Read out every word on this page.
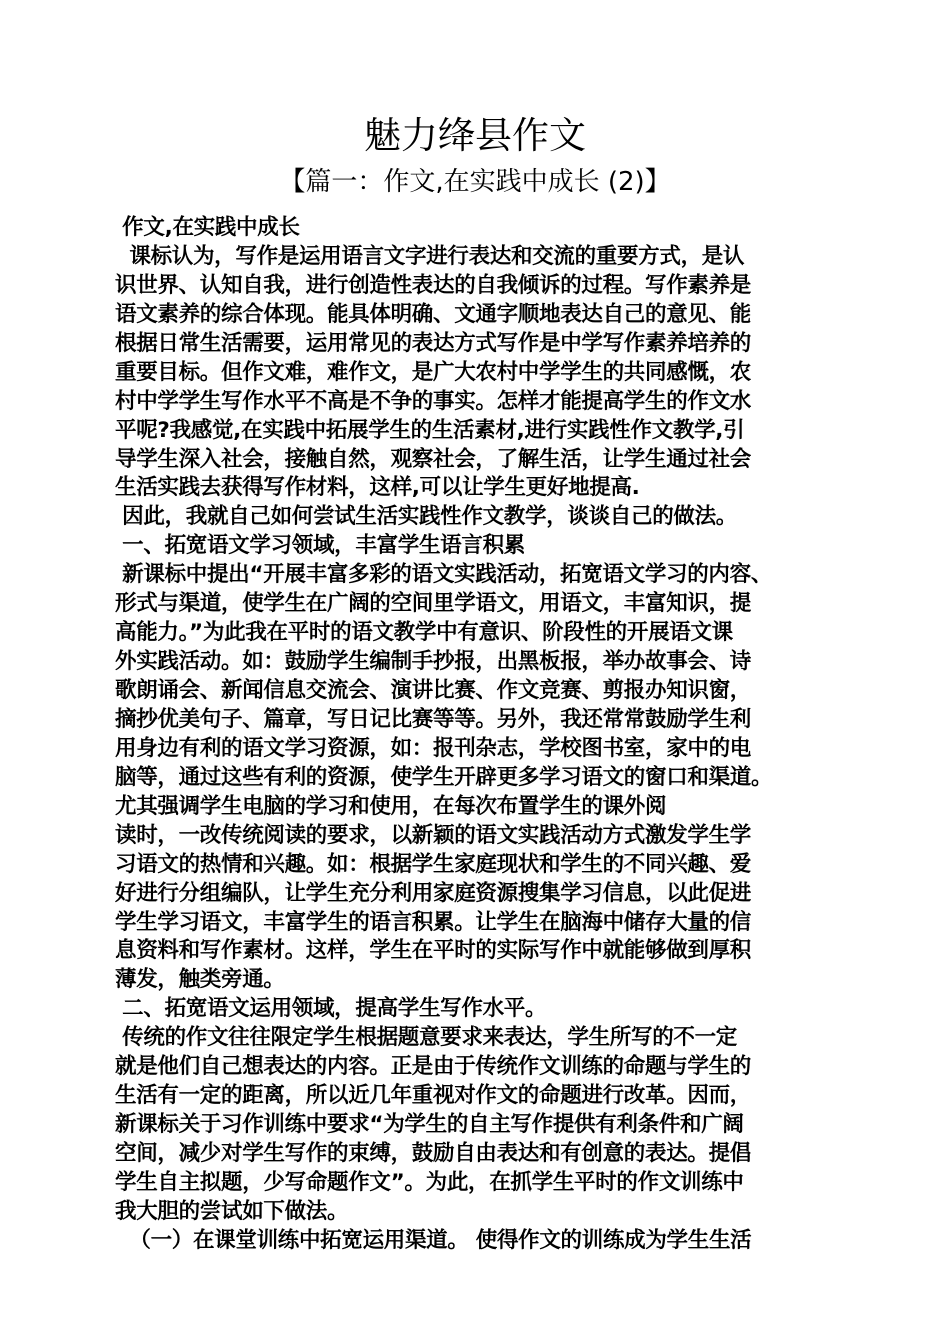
魅力绛县作文
【篇一：作文,在实践中成长 (2)】
作文,在实践中成长
课标认为，写作是运用语言文字进行表达和交流的重要方式，是认
识世界、认知自我，进行创造性表达的自我倾诉的过程。写作素养是
语文素养的综合体现。能具体明确、文通字顺地表达自己的意见、能
根据日常生活需要，运用常见的表达方式写作是中学写作素养培养的
重要目标。但作文难，难作文，是广大农村中学学生的共同感慨，农
村中学学生写作水平不高是不争的事实。怎样才能提高学生的作文水
平呢?我感觉,在实践中拓展学生的生活素材,进行实践性作文教学,引
导学生深入社会，接触自然，观察社会，了解生活，让学生通过社会
生活实践去获得写作材料，这样,可以让学生更好地提高.
因此，我就自己如何尝试生活实践性作文教学，谈谈自己的做法。
一、拓宽语文学习领域，丰富学生语言积累
新课标中提出“开展丰富多彩的语文实践活动，拓宽语文学习的内容、
形式与渠道，使学生在广阔的空间里学语文，用语文，丰富知识，提
高能力。”为此我在平时的语文教学中有意识、阶段性的开展语文课
外实践活动。如：鼓励学生编制手抄报，出黑板报，举办故事会、诗
歌朗诵会、新闻信息交流会、演讲比赛、作文竞赛、剪报办知识窗，
摘抄优美句子、篇章，写日记比赛等等。另外，我还常常鼓励学生利
用身边有利的语文学习资源，如：报刊杂志，学校图书室，家中的电
脑等，通过这些有利的资源，使学生开辟更多学习语文的窗口和渠道。
尤其强调学生电脑的学习和使用，在每次布置学生的课外阅
读时，一改传统阅读的要求，以新颖的语文实践活动方式激发学生学
习语文的热情和兴趣。如：根据学生家庭现状和学生的不同兴趣、爱
好进行分组编队，让学生充分利用家庭资源搜集学习信息，以此促进
学生学习语文，丰富学生的语言积累。让学生在脑海中储存大量的信
息资料和写作素材。这样，学生在平时的实际写作中就能够做到厚积
薄发，触类旁通。
二、拓宽语文运用领域，提高学生写作水平。
传统的作文往往限定学生根据题意要求来表达，学生所写的不一定
就是他们自己想表达的内容。正是由于传统作文训练的命题与学生的
生活有一定的距离，所以近几年重视对作文的命题进行改革。因而，
新课标关于习作训练中要求“为学生的自主写作提供有利条件和广阔
空间，减少对学生写作的束缚，鼓励自由表达和有创意的表达。提倡
学生自主拟题，少写命题作文”。为此，在抓学生平时的作文训练中
我大胆的尝试如下做法。
（一）在课堂训练中拓宽运用渠道。 使得作文的训练成为学生生活
